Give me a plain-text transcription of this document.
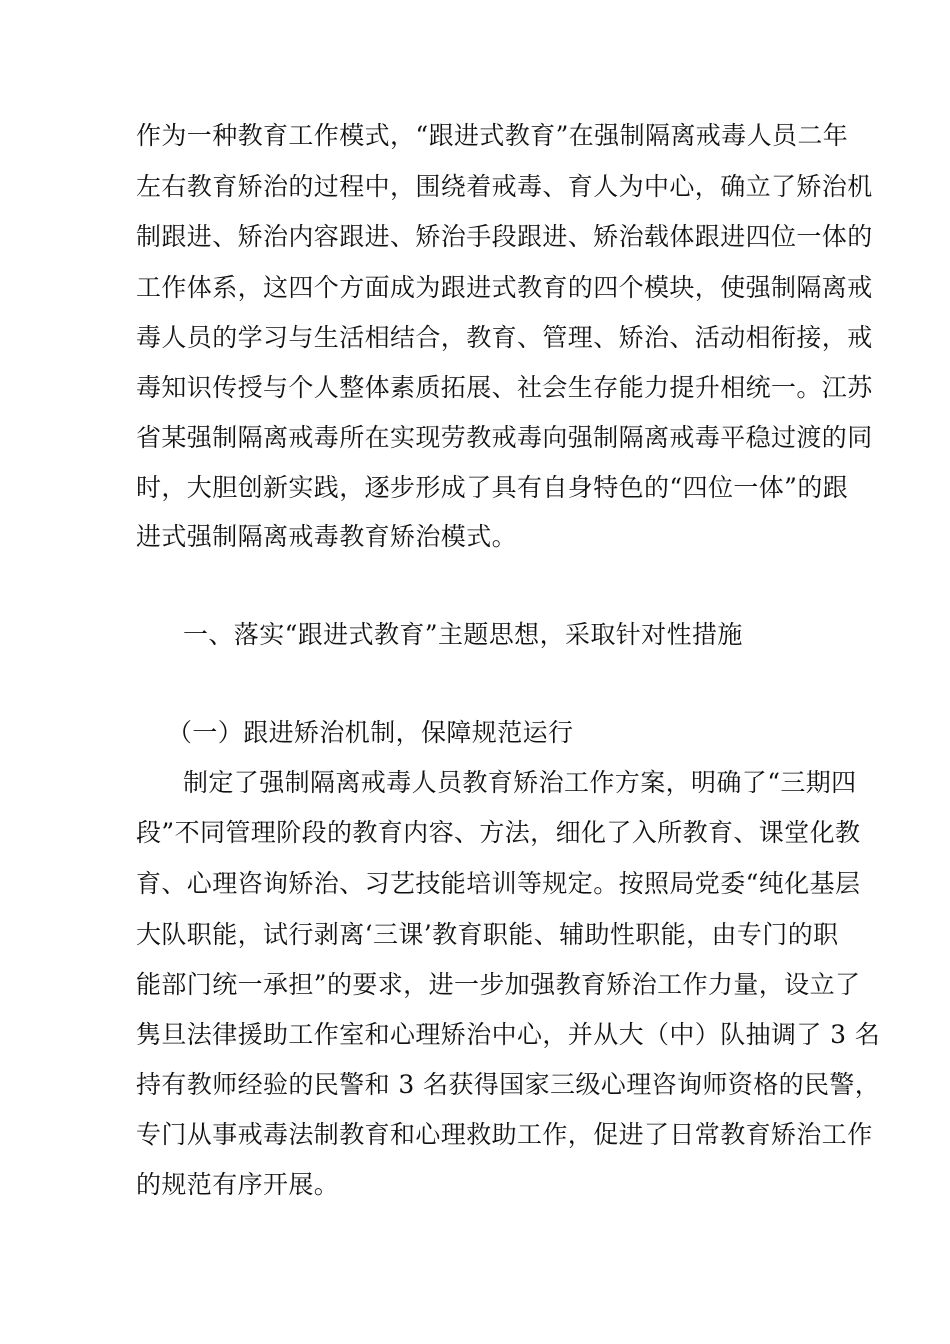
作为一种教育工作模式，“跟进式教育”在强制隔离戒毒人员二年
左右教育矫治的过程中，围绕着戒毒、育人为中心，确立了矫治机
制跟进、矫治内容跟进、矫治手段跟进、矫治载体跟进四位一体的
工作体系，这四个方面成为跟进式教育的四个模块，使强制隔离戒
毒人员的学习与生活相结合，教育、管理、矫治、活动相衔接，戒
毒知识传授与个人整体素质拓展、社会生存能力提升相统一。江苏
省某强制隔离戒毒所在实现劳教戒毒向强制隔离戒毒平稳过渡的同
时，大胆创新实践，逐步形成了具有自身特色的“四位一体”的跟
进式强制隔离戒毒教育矫治模式。
一、落实“跟进式教育”主题思想，采取针对性措施
（一）跟进矫治机制，保障规范运行
制定了强制隔离戒毒人员教育矫治工作方案，明确了“三期四
段”不同管理阶段的教育内容、方法，细化了入所教育、课堂化教
育、心理咨询矫治、习艺技能培训等规定。按照局党委“纯化基层
大队职能，试行剥离‘三课’教育职能、辅助性职能，由专门的职
能部门统一承担”的要求，进一步加强教育矫治工作力量，设立了
隽旦法律援助工作室和心理矫治中心，并从大（中）队抽调了 3 名
持有教师经验的民警和 3 名获得国家三级心理咨询师资格的民警，
专门从事戒毒法制教育和心理救助工作，促进了日常教育矫治工作
的规范有序开展。
